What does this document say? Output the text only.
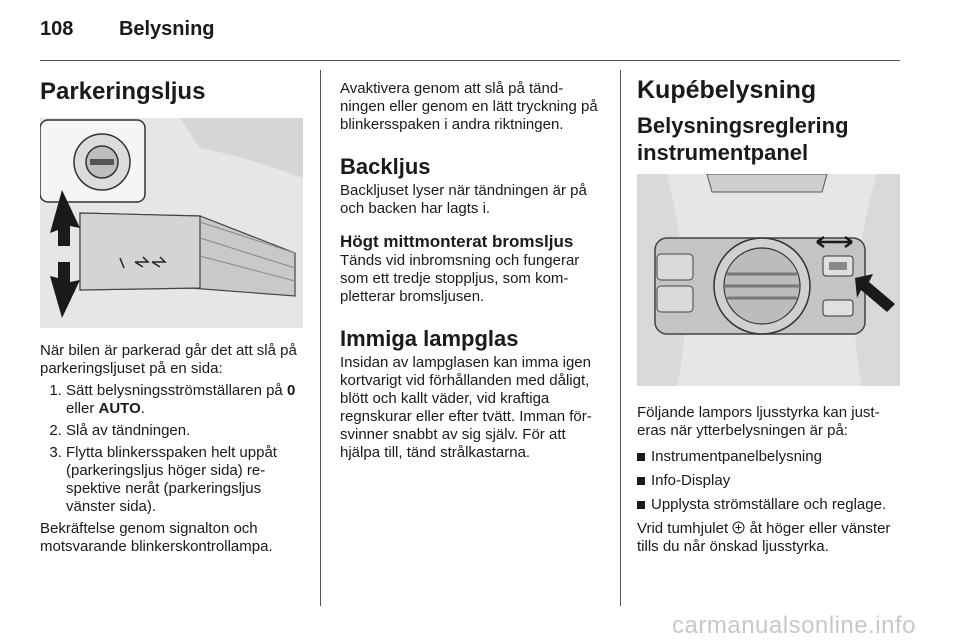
108 Belysning
Parkeringsljus

När bilen är parkerad går det att slå på parkeringsljuset på en sida:

1. Sätt belysningsströmställaren på 0 eller AUTO.
2. Slå av tändningen.
3. Flytta blinkersspaken helt uppåt (parkeringsljus höger sida) re-spektive neråt (parkeringsljus vänster sida).

Bekräftelse genom signalton och motsvarande blinkerskontrollampa.

Avaktivera genom att slå på tänd-ningen eller genom en lätt tryckning på blinkersspaken i andra riktningen.

Backljus

Backljuset lyser när tändningen är på och backen har lagts i.

Högt mittmonterat bromsljus

Tänds vid inbromsning och fungerar som ett tredje stoppljus, som kom-pletterar bromsljusen.

Immiga lampglas

Insidan av lampglasen kan imma igen kortvarigt vid förhållanden med dåligt, blött och kallt väder, vid kraftiga regnskurar eller efter tvätt. Imman för-svinner snabbt av sig själv. För att hjälpa till, tänd strålkastarna.

Kupébelysning
Belysningsreglering instrumentpanel

Följande lampors ljusstyrka kan just-eras när ytterbelysningen är på:

Instrumentpanelbelysning
Info-Display
Upplysta strömställare och reglage.

Vrid tumhjulet  åt höger eller vänster tills du når önskad ljusstyrka.

carmanualsonline.info
